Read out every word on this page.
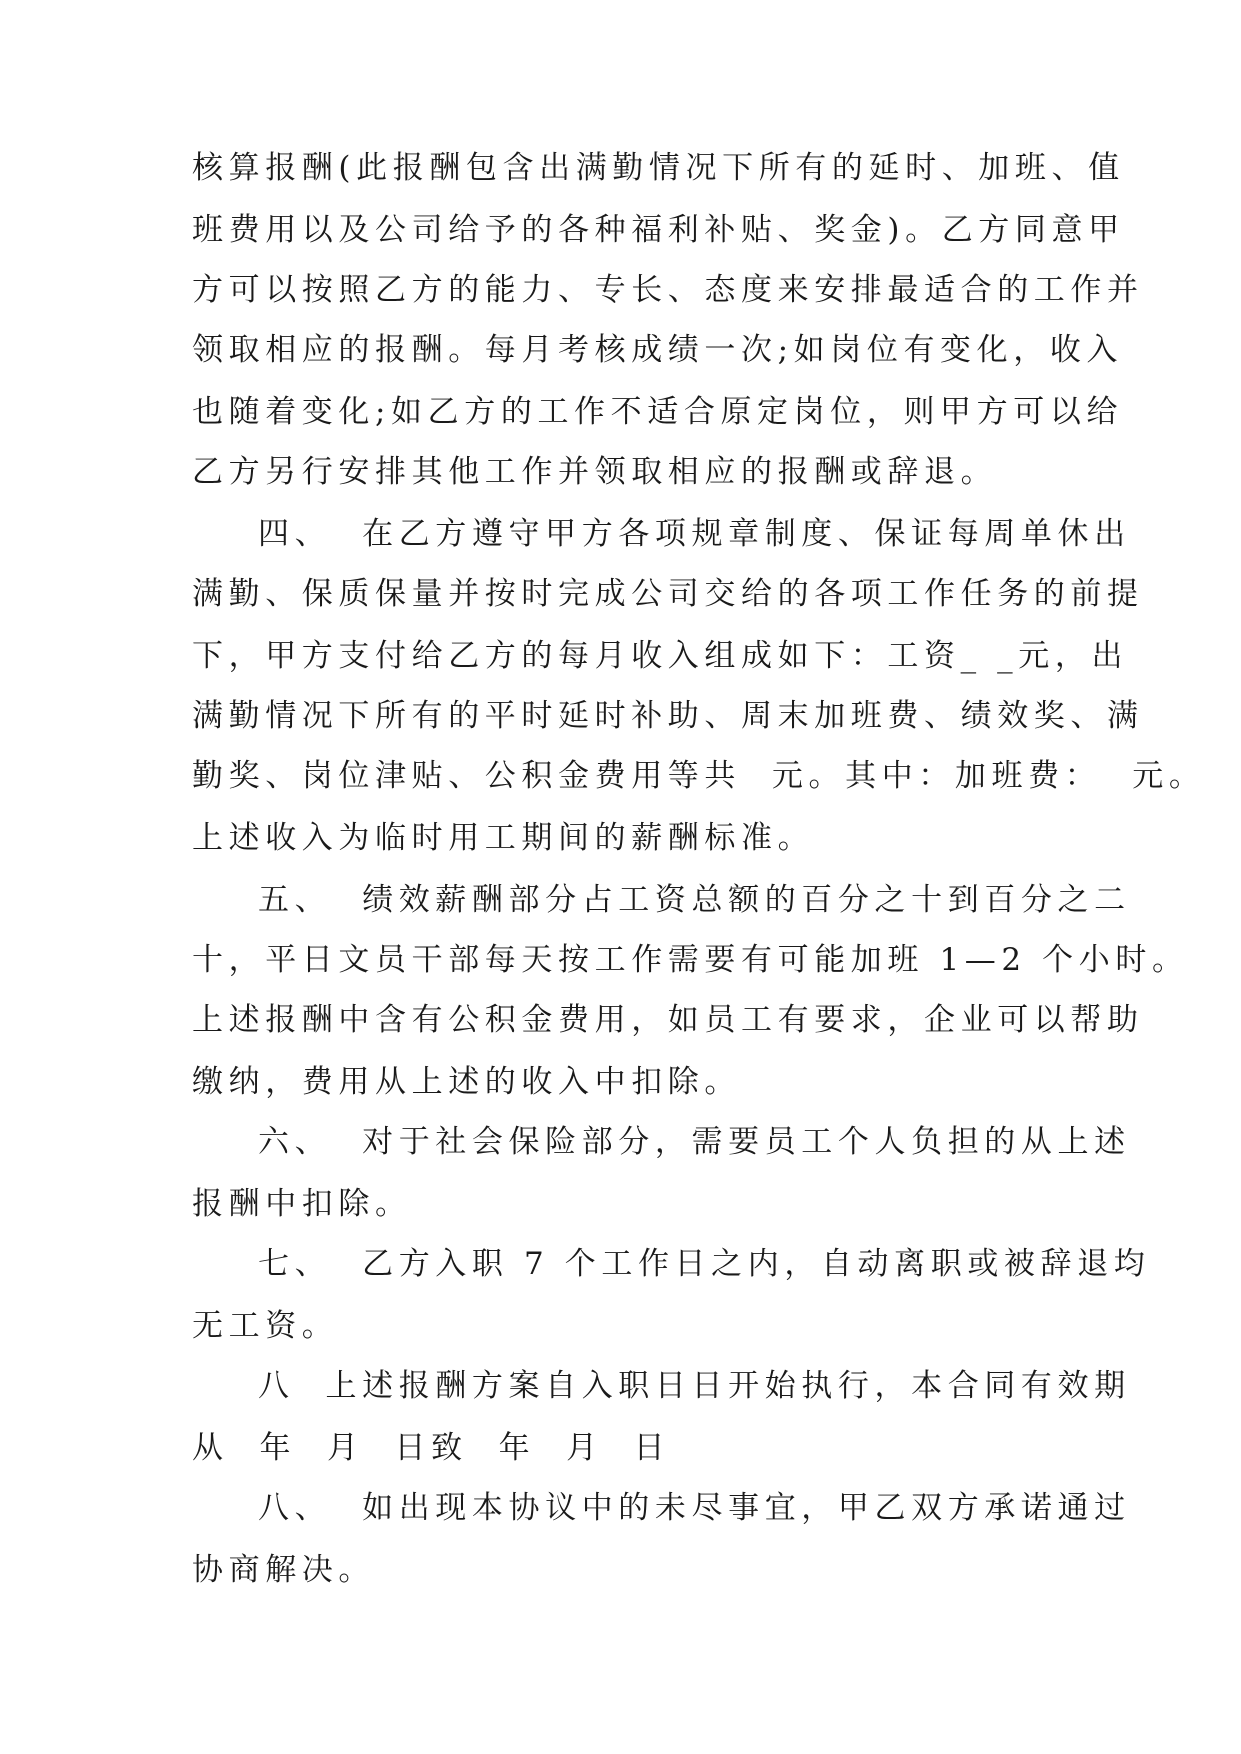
核算报酬(此报酬包含出满勤情况下所有的延时、加班、值
班费用以及公司给予的各种福利补贴、奖金)。乙方同意甲
方可以按照乙方的能力、专长、态度来安排最适合的工作并
领取相应的报酬。每月考核成绩一次;如岗位有变化，收入
也随着变化;如乙方的工作不适合原定岗位，则甲方可以给
乙方另行安排其他工作并领取相应的报酬或辞退。
四、  在乙方遵守甲方各项规章制度、保证每周单休出
满勤、保质保量并按时完成公司交给的各项工作任务的前提
下，甲方支付给乙方的每月收入组成如下：工资_ _元，出
满勤情况下所有的平时延时补助、周末加班费、绩效奖、满
勤奖、岗位津贴、公积金费用等共  元。其中：加班费：  元。
上述收入为临时用工期间的薪酬标准。
五、  绩效薪酬部分占工资总额的百分之十到百分之二
十，平日文员干部每天按工作需要有可能加班 1—2 个小时。
上述报酬中含有公积金费用，如员工有要求，企业可以帮助
缴纳，费用从上述的收入中扣除。
六、  对于社会保险部分，需要员工个人负担的从上述
报酬中扣除。
七、  乙方入职 7 个工作日之内，自动离职或被辞退均
无工资。
八  上述报酬方案自入职日日开始执行，本合同有效期
从  年  月  日致  年  月  日
八、  如出现本协议中的未尽事宜，甲乙双方承诺通过
协商解决。
